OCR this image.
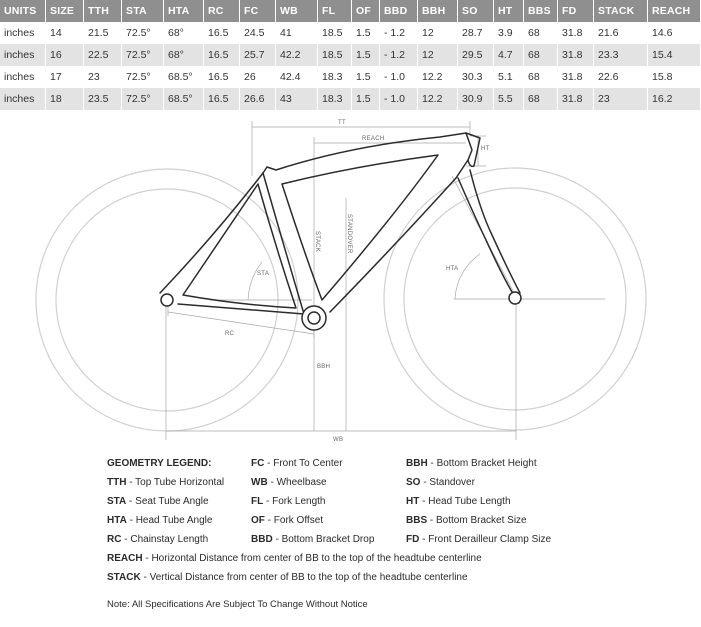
UNITS	SIZE	TTH	STA	HTA	RC	FC	WB	FL	OF	BBD	BBH	SO	HT	BBS	FD	STACK	REACH
inches	14	21.5	72.5°	68°	16.5	24.5	41	18.5	1.5	- 1.2	12	28.7	3.9	68	31.8	21.6	14.6
inches	16	22.5	72.5°	68°	16.5	25.7	42.2	18.5	1.5	- 1.2	12	29.5	4.7	68	31.8	23.3	15.4
inches	17	23	72.5°	68.5°	16.5	26	42.4	18.3	1.5	- 1.0	12.2	30.3	5.1	68	31.8	22.6	15.8
inches	18	23.5	72.5°	68.5°	16.5	26.6	43	18.3	1.5	- 1.0	12.2	30.9	5.5	68	31.8	23	16.2
TT
REACH
HT
STACK	STANDOVER
STA
HTA
RC
BBH
WB
GEOMETRY LEGEND:
TTH - Top Tube Horizontal
STA - Seat Tube Angle
HTA - Head Tube Angle
RC - Chainstay Length
FC - Front To Center
WB - Wheelbase
FL - Fork Length
OF - Fork Offset
BBD - Bottom Bracket Drop
BBH - Bottom Bracket Height
SO - Standover
HT - Head Tube Length
BBS - Bottom Bracket Size
FD - Front Derailleur Clamp Size
REACH - Horizontal Distance from center of BB to the top of the headtube centerline
STACK - Vertical Distance from center of BB to the top of the headtube centerline
Note: All Specifications Are Subject To Change Without Notice
